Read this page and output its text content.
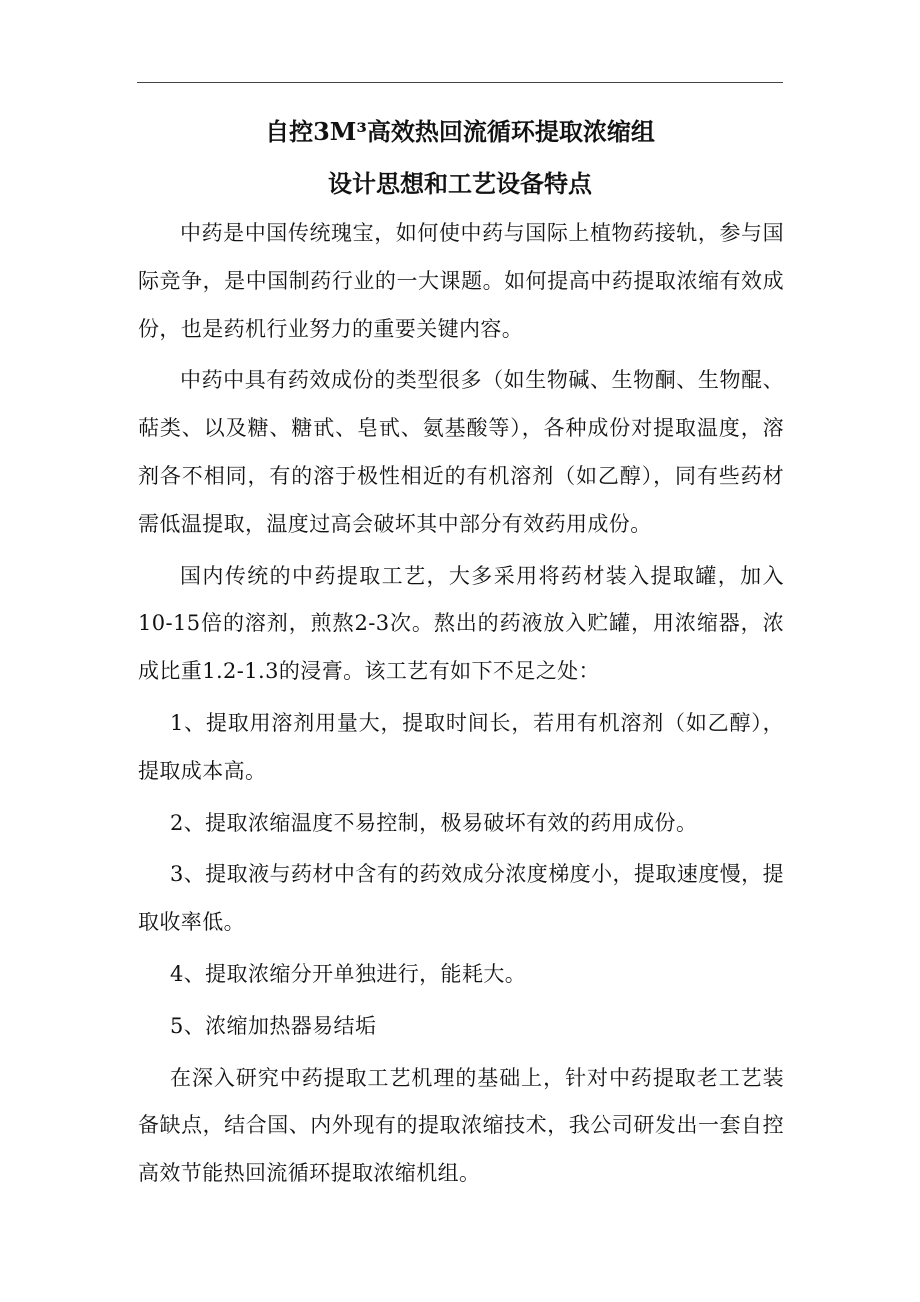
自控3M³高效热回流循环提取浓缩组
设计思想和工艺设备特点

中药是中国传统瑰宝，如何使中药与国际上植物药接轨，参与国际竞争，是中国制药行业的一大课题。如何提高中药提取浓缩有效成份，也是药机行业努力的重要关键内容。

中药中具有药效成份的类型很多（如生物碱、生物酮、生物醌、萜类、以及糖、糖甙、皂甙、氨基酸等），各种成份对提取温度，溶剂各不相同，有的溶于极性相近的有机溶剂（如乙醇），同有些药材需低温提取，温度过高会破坏其中部分有效药用成份。

国内传统的中药提取工艺，大多采用将药材装入提取罐，加入10-15倍的溶剂，煎熬2-3次。熬出的药液放入贮罐，用浓缩器，浓成比重1.2-1.3的浸膏。该工艺有如下不足之处：

1、提取用溶剂用量大，提取时间长，若用有机溶剂（如乙醇），提取成本高。

2、提取浓缩温度不易控制，极易破坏有效的药用成份。

3、提取液与药材中含有的药效成分浓度梯度小，提取速度慢，提取收率低。

4、提取浓缩分开单独进行，能耗大。

5、浓缩加热器易结垢

在深入研究中药提取工艺机理的基础上，针对中药提取老工艺装备缺点，结合国、内外现有的提取浓缩技术，我公司研发出一套自控高效节能热回流循环提取浓缩机组。
